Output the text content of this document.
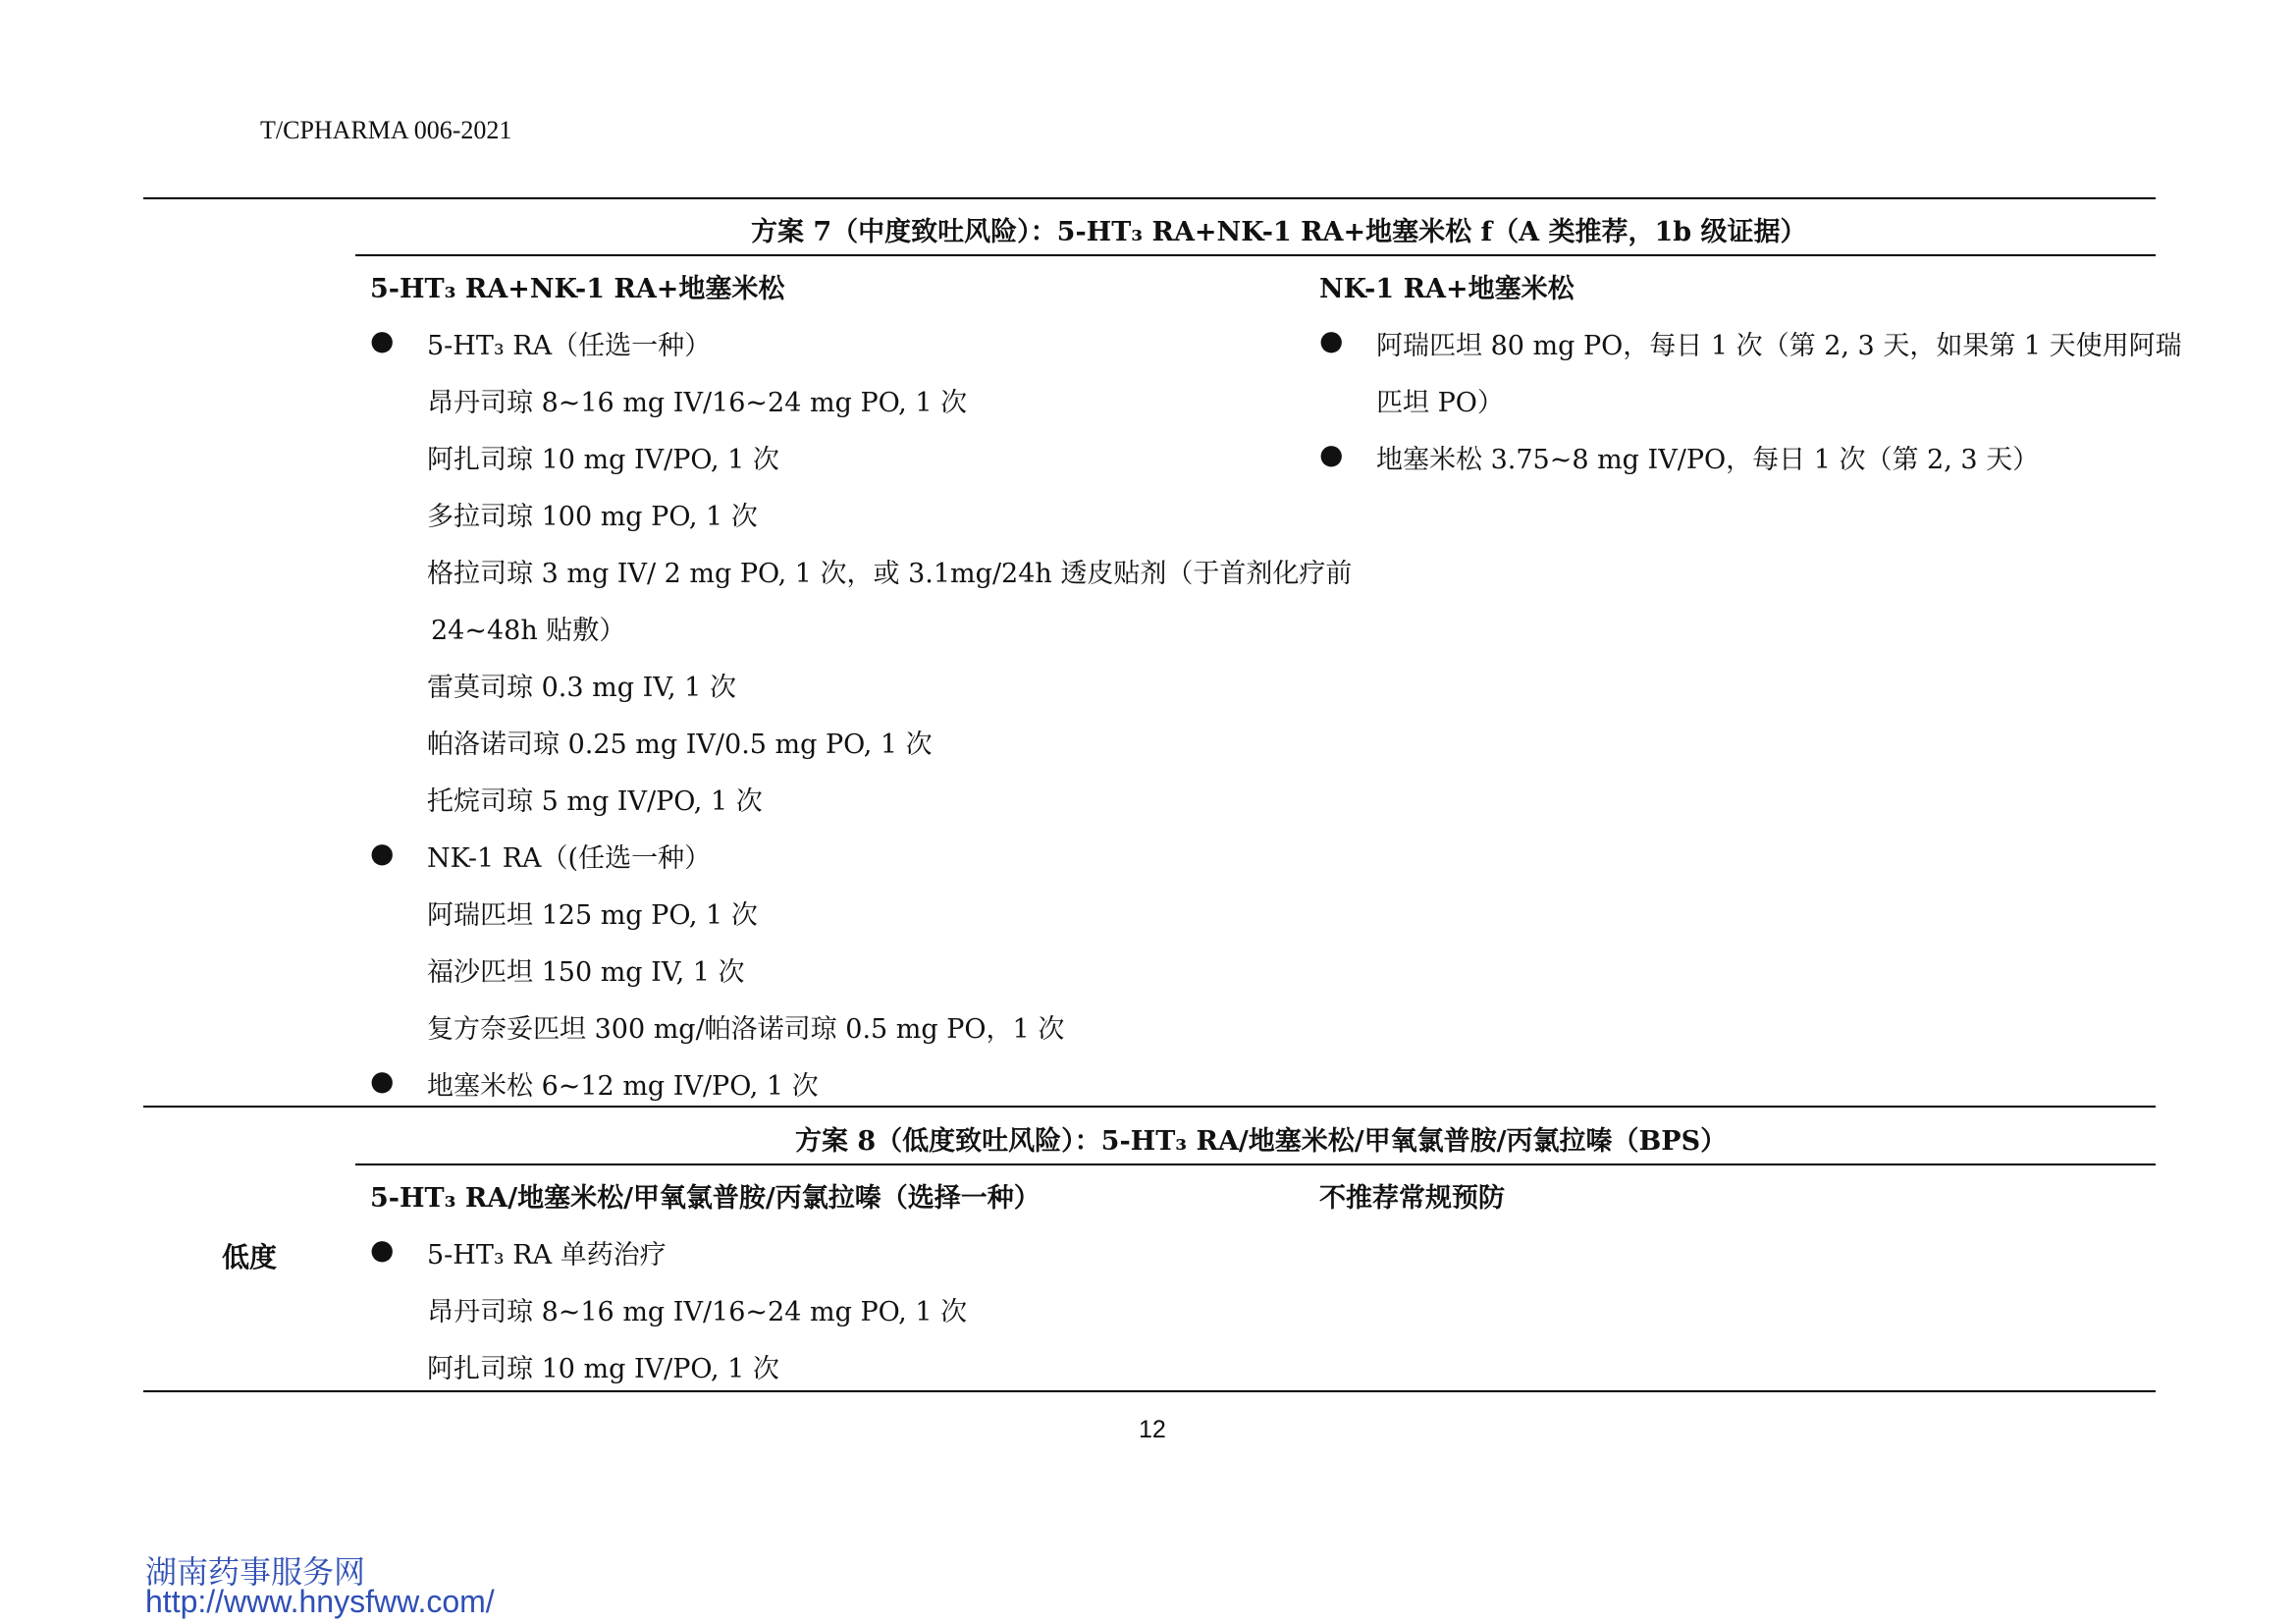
T/CPHARMA 006-2021
方案 7（中度致吐风险）：5-HT₃ RA+NK-1 RA+地塞米松 f（A 类推荐，1b 级证据）
5-HT₃ RA+NK-1 RA+地塞米松
● 5-HT₃ RA（任选一种）
昂丹司琼 8~16 mg IV/16~24 mg PO, 1 次
阿扎司琼 10 mg IV/PO, 1 次
多拉司琼 100 mg PO, 1 次
格拉司琼 3 mg IV/ 2 mg PO, 1 次，或 3.1mg/24h 透皮贴剂（于首剂化疗前
24~48h 贴敷）
雷莫司琼 0.3 mg IV, 1 次
帕洛诺司琼 0.25 mg IV/0.5 mg PO, 1 次
托烷司琼 5 mg IV/PO, 1 次
● NK-1 RA（(任选一种）
阿瑞匹坦 125 mg PO, 1 次
福沙匹坦 150 mg IV, 1 次
复方奈妥匹坦 300 mg/帕洛诺司琼 0.5 mg PO，1 次
● 地塞米松 6~12 mg IV/PO, 1 次
NK-1 RA+地塞米松
● 阿瑞匹坦 80 mg PO，每日 1 次（第 2, 3 天，如果第 1 天使用阿瑞
匹坦 PO）
● 地塞米松 3.75~8 mg IV/PO，每日 1 次（第 2, 3 天）
方案 8（低度致吐风险）：5-HT₃ RA/地塞米松/甲氧氯普胺/丙氯拉嗪（BPS）
低度
5-HT₃ RA/地塞米松/甲氧氯普胺/丙氯拉嗪（选择一种）
● 5-HT₃ RA 单药治疗
昂丹司琼 8~16 mg IV/16~24 mg PO, 1 次
阿扎司琼 10 mg IV/PO, 1 次
不推荐常规预防
12
湖南药事服务网
http://www.hnysfww.com/
